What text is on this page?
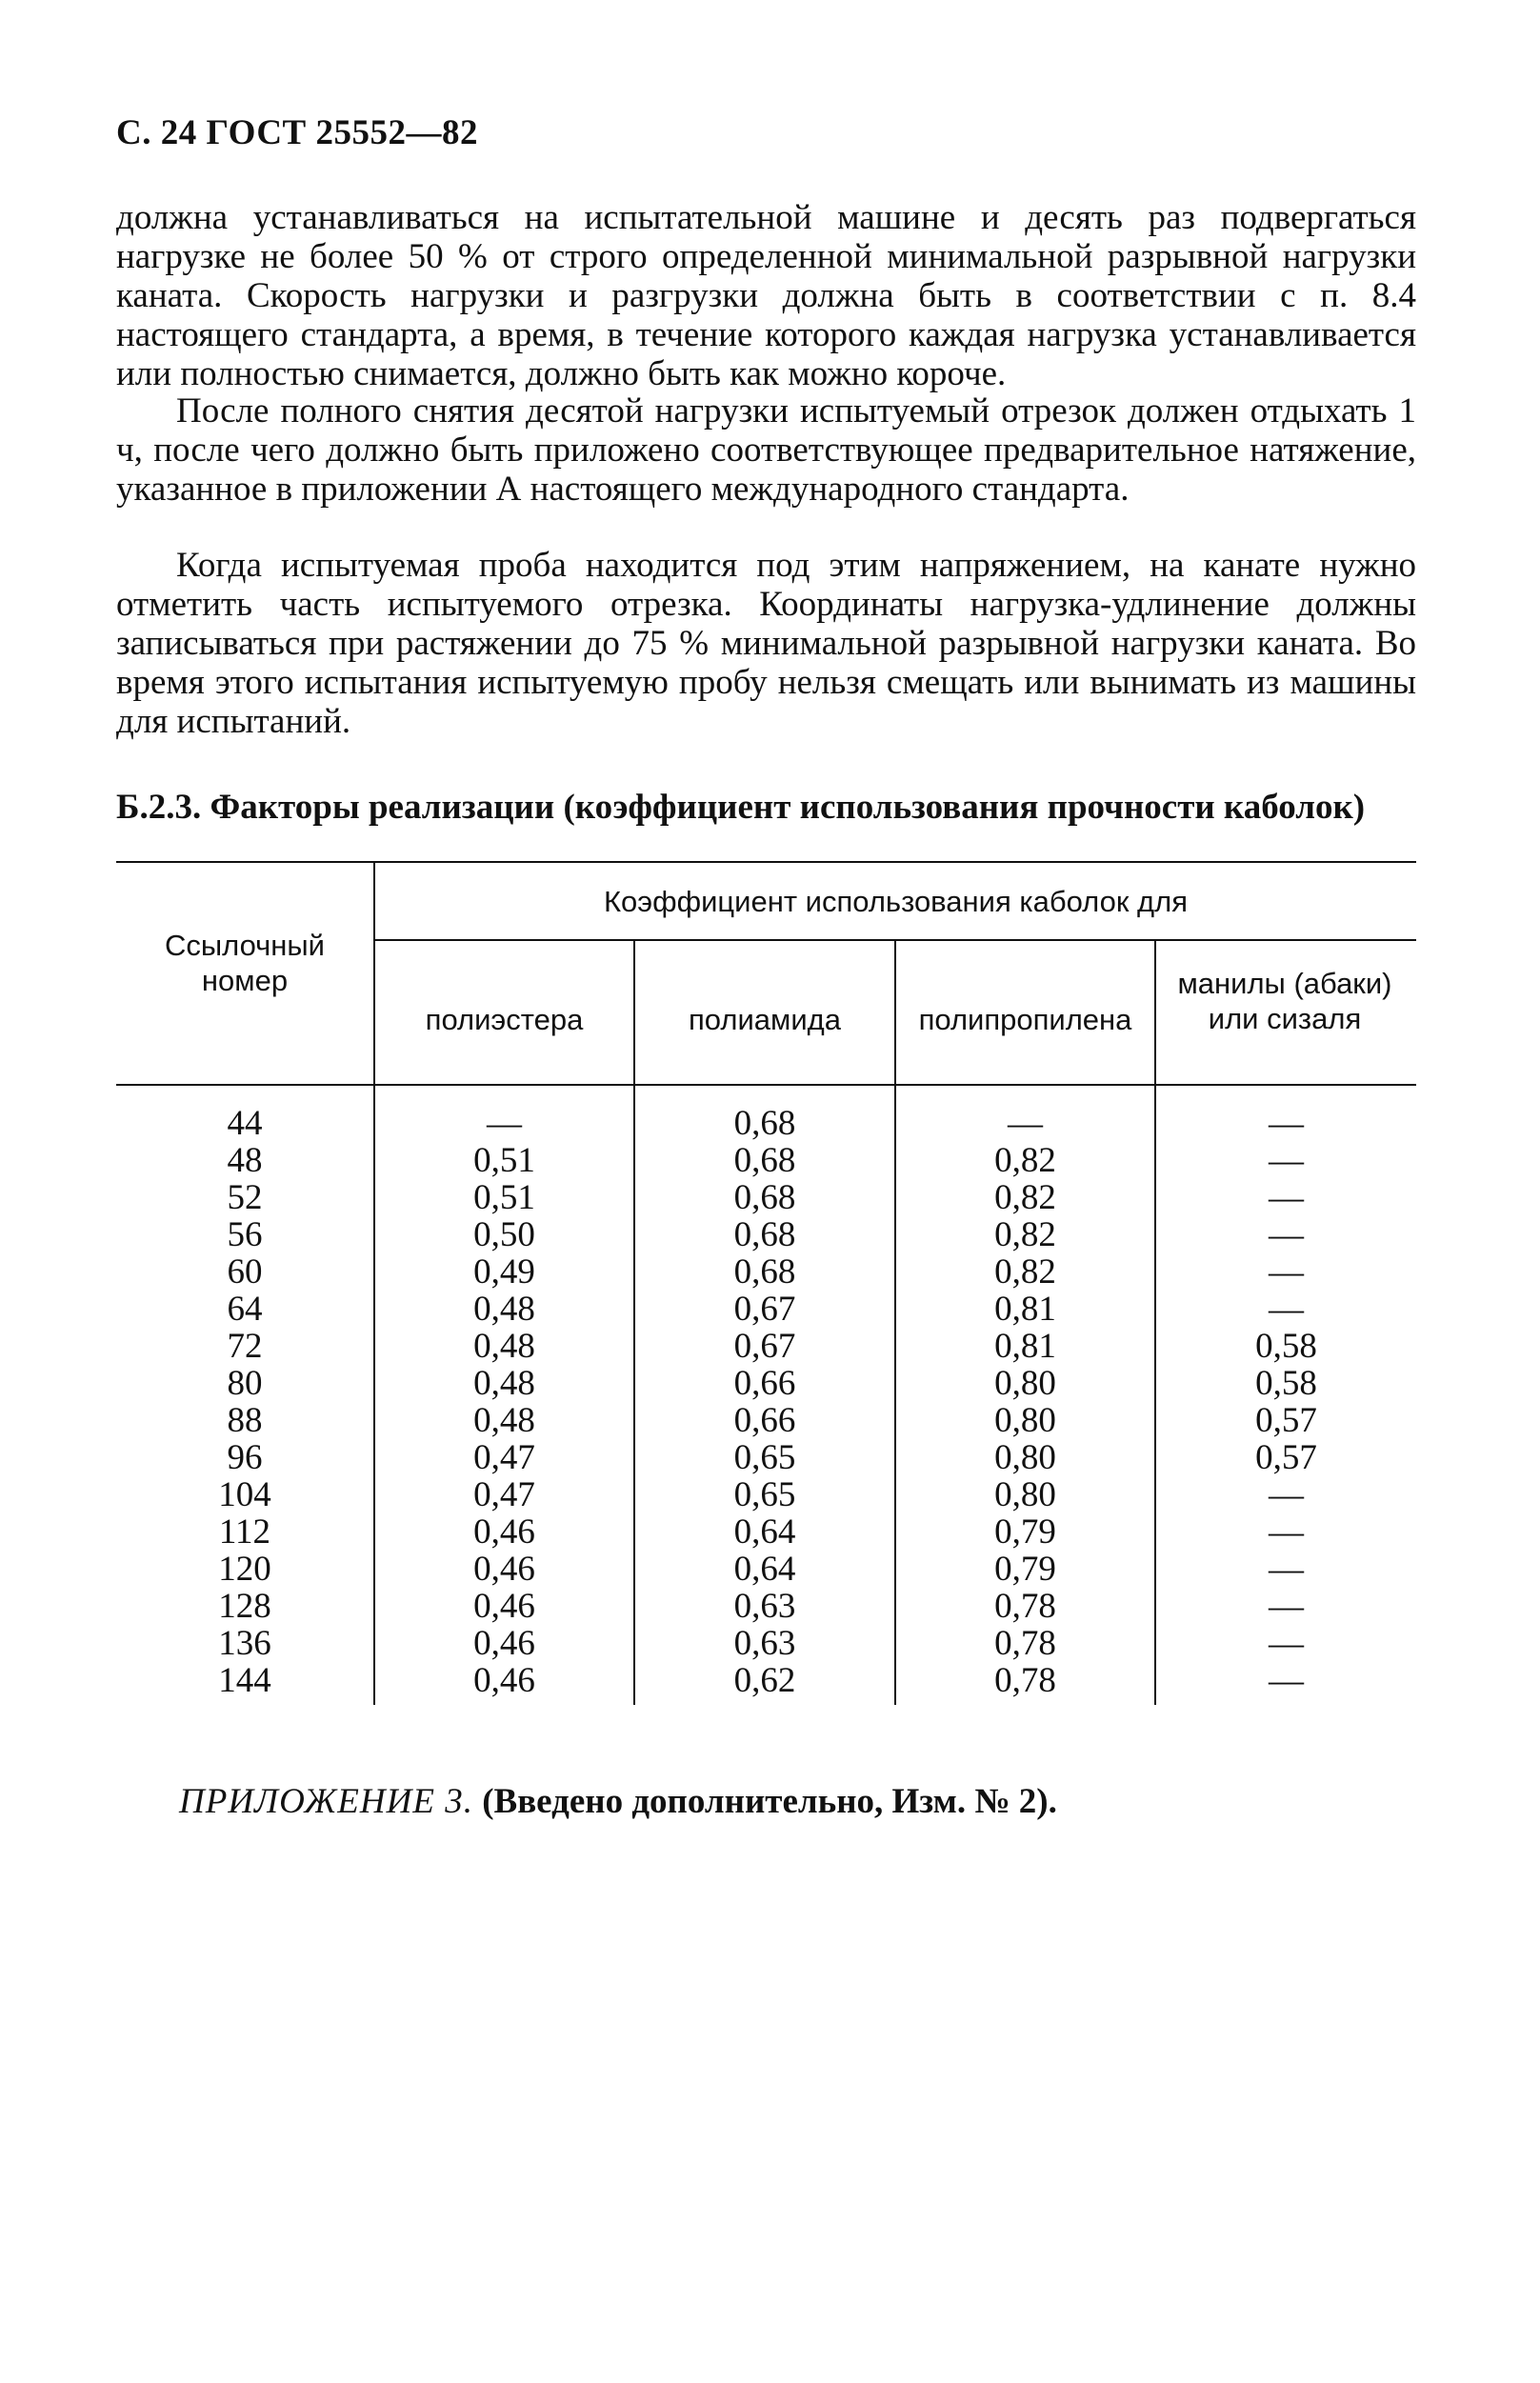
С. 24 ГОСТ 25552—82
должна устанавливаться на испытательной машине и десять раз подвергаться нагрузке не более 50 % от строго определенной минимальной разрывной нагрузки каната. Скорость нагрузки и разгрузки должна быть в соответствии с п. 8.4 настоящего стандарта, а время, в течение которого каждая нагрузка устанавливается или полностью снимается, должно быть как можно короче.
После полного снятия десятой нагрузки испытуемый отрезок должен отдыхать 1 ч, после чего должно быть приложено соответствующее предварительное натяжение, указанное в приложении А настоящего международного стандарта.
Когда испытуемая проба находится под этим напряжением, на канате нужно отметить часть испытуемого отрезка. Координаты нагрузка-удлинение должны записываться при растяжении до 75 % минимальной разрывной нагрузки каната. Во время этого испытания испытуемую пробу нельзя смещать или вынимать из машины для испытаний.
Б.2.3. Факторы реализации (коэффициент использования прочности каболок)
Ссылочный номер
Коэффициент использования каболок для
полиэстера	полиамида	полипропилена
манилы (абаки) или сизаля
44
48
52
56
60
64
72
80
88
96
104
112
120
128
136
144
—
0,51
0,51
0,50
0,49
0,48
0,48
0,48
0,48
0,47
0,47
0,46
0,46
0,46
0,46
0,46
0,68
0,68
0,68
0,68
0,68
0,67
0,67
0,66
0,66
0,65
0,65
0,64
0,64
0,63
0,63
0,62
—
0,82
0,82
0,82
0,82
0,81
0,81
0,80
0,80
0,80
0,80
0,79
0,79
0,78
0,78
0,78
—
—
—
—
—
—
0,58
0,58
0,57
0,57
—
—
—
—
—
—
ПРИЛОЖЕНИЕ 3. (Введено дополнительно, Изм. № 2).
